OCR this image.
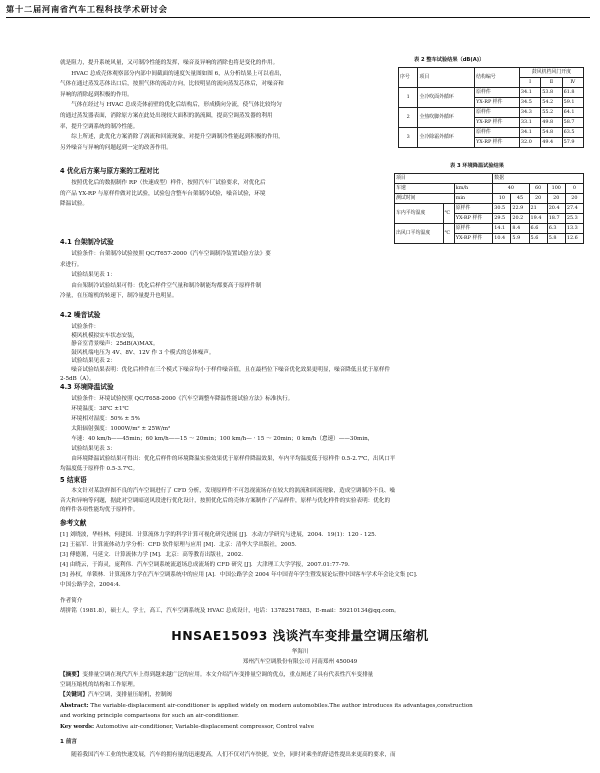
第十二届河南省汽车工程科技学术研讨会
就是阻力，提升系统风量，又可制冷性能的发挥，噪音及异响的消除也将是变化的作用。
　　HVAC 总成壳体观察部分内部中间截面的速度矢量图如图 6，从分析结果上可以看出，
气体在通过蒸发芯体出口后，按照气体的流动方向，比较明显的流向蒸发芯体后，对噪音和
异响的消除起到积极的作用。
　　气体在经过与 HVAC 总成壳体前壁的优化后结构后，形成横向分流，使气体比较均匀
的通过蒸发器表面，消除原方案在此处出现较大面积的涡流圈，提高空调蒸发器的利用
率，提升空调系统的制冷性能。
　　综上所述，此优化方案消除了涡流和回流现象，对提升空调制冷性能起到积极的作用，
另外噪音与异响的问题起到一定的改善作用。
表 2 整车试验结果（dB(A)）
序号	项目	结构编号	鼓风机档风门开度		
			Ⅰ	Ⅱ	Ⅳ
1	全冷吹面外循环	原样件	34.1	53.8	61.8
		YX-RP 样件	34.5	54.2	59.1
2	全热吹脚外循环	原样件	34.3	55.2	64.1
		YX-RP 样件	33.1	49.8	58.7
3	全冷除霜外循环	原样件	34.1	54.8	63.5
		YX-RP 样件	32.0	49.4	57.9
4 优化后方案与原方案的工程对比
　　按照优化后的数据制作 RP（快速成型）样件，按照汽车厂试验要求，对优化后
的产品 YX-RP 与原样件做对比试验，试验包含整车台架制冷试验，噪音试验，环境
降温试验。
4.1 台架制冷试验
　　试验条件：台架制冷试验按照 QC/T657-2000《汽车空调制冷装置试验方法》要
求进行。
　　试验结果见表 1：
　　由台架制冷试验结果可得：优化后样件空气量和制冷制能均都要高于原样件制
冷量，在压缩机的转速下，制冷量提升也明显。
表 3 环境降温试验结果
项目			数据				
车速		km/h	40		60	100	0
测试时间		min	10	45	20	20	20
车内平均温度	℃	原样件	30.5	22.9	21	20.4	27.4
		YX-RP 样件	29.5	20.2	19.4	18.7	25.3
出风口平均温度	℃	原样件	14.1	8.4	6.6	6.3	13.3
		YX-RP 样件	10.4	5.9	5.6	5.8	12.6
4.2 噪音试验
　　试验条件：
　　模风机模拟实车状态安装，
　　静音室背景噪声：25dB(A)MAX。
　　鼓风机端电压为 4V、8V、12V 作 3 个模式的总体噪声。
　　试验结果见表 2：
　　噪音试验结果表明：优化后样件在三个模式下噪音均小于样件噪音值，且在最档位下噪音优化效果更明显，噪音降低且优于原样件
2-5dB（A）。
4.3 环境降温试验
　　试验条件：环境试验按照 QC/T658-2000《汽车空调整车降温性能试验方法》标准执行。
　　环境温度：38℃ ±1℃
　　环境相对湿度：50% ± 5%
　　太阳辐射强度：1000W/m² ± 25W/m²
　　车速：40 km/h——45min；60 km/h——15 ～ 20min；100 km/h— · 15 ～ 20min；0 km/h（怠速）——30min，
　　试验结果见表 3：
　　由环境降温试验结果可得出：优化后样件的环境降温实验效果优于原样件降温效果，车内平均温度低于原样件 0.5-2.7℃，出风口平
均温度低于原样件 0.5-3.7℃。
5 结束语
　　本文针对某款样图不良的汽车空调进行了 CFD 分析，发现原样件不可忽视流场存在较大的涡流和回流现象，造成空调制冷不良、噪
音大和异响等问题，据此对空调暗送风段进行优化设计，按照优化后的壳体方案制作了产品样件，原样与优化样件的实验表明：优化的
的样件各项性能均优于原样件。
参考文献
[1] 刘晓波，华桂林，何建国．计算流体力学的科学计算可视化研究进展 [J]．水动力学研究与进展，2004．19(1)：120 - 125．
[2] 王福军．计算流体动力学分析：CFD 软件原理与应用 [M]．北京：清华大学出版社，2005．
[3] 傅德薰，马延文．计算流体力学 [M]．北京：高等教育出版社，2002．
[4] 由晓云，于海灵，庞利伟．汽车空调系统流道场总成流场的 CFD 研究 [J]．大津理工大学学报，2007.01:77-79．
[5] 孙权，单锁林．计算流体力学在汽车空调系统中的应用 [A]．中国公路学会 2004 年中国青年学生暨发展论坛暨中国客车学术年会论文集 [C]．
中国公路学会，2004:4．
作者简介
胡拼铭（1981.8），硕士人，学士，高工，汽车空调系统及 HVAC 总成设计，电话：13782517883，E-mail：59210134@qq.com。
HNSAE15093 浅谈汽车变排量空调压缩机
华海川
郑州汽车空调股份有限公司 河南郑州 450049
【摘要】变排量空调在现代汽车上得到越来越广泛的应用。本文介绍汽车变排量空调的优点，重点阐述了具有代表性汽车变排量
空调压缩机的结构和工作原理。
【关键词】汽车空调，变排量压缩机，控制阀
Abstract: The variable-displacement air-conditioner is applied widely on modern automobiles.The author introduces its advantages,construction
and working principle comparisons for such an air-conditioner.
Key words: Automotive air-conditioner, Variable-displacement compressor, Control valve
1 前言
　　随着我国汽车工业的快速发展，汽车的拥有量的迅速提高，人们不仅对汽车快捷，安全，同时对乘坐的舒适性提出来更高的要求，而
